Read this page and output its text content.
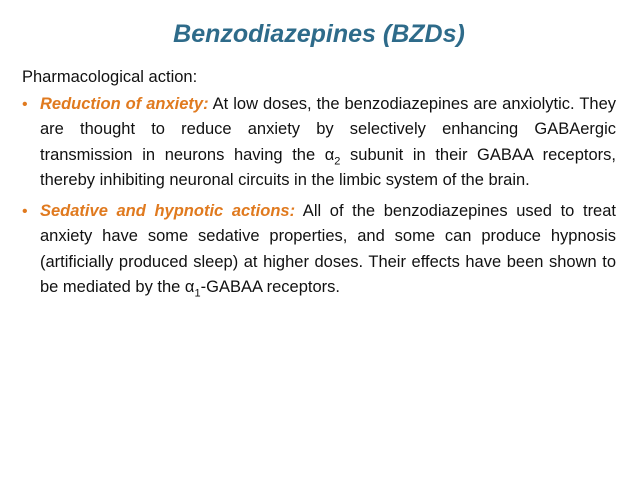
Benzodiazepines (BZDs)
Pharmacological action:
• Reduction of anxiety: At low doses, the benzodiazepines are anxiolytic. They are thought to reduce anxiety by selectively enhancing GABAergic transmission in neurons having the $\alpha_2$ subunit in their GABAA receptors, thereby inhibiting neuronal circuits in the limbic system of the brain.
• Sedative and hypnotic actions: All of the benzodiazepines used to treat anxiety have some sedative properties, and some can produce hypnosis (artificially produced sleep) at higher doses. Their effects have been shown to be mediated by the $\alpha_1$-GABAA receptors.
